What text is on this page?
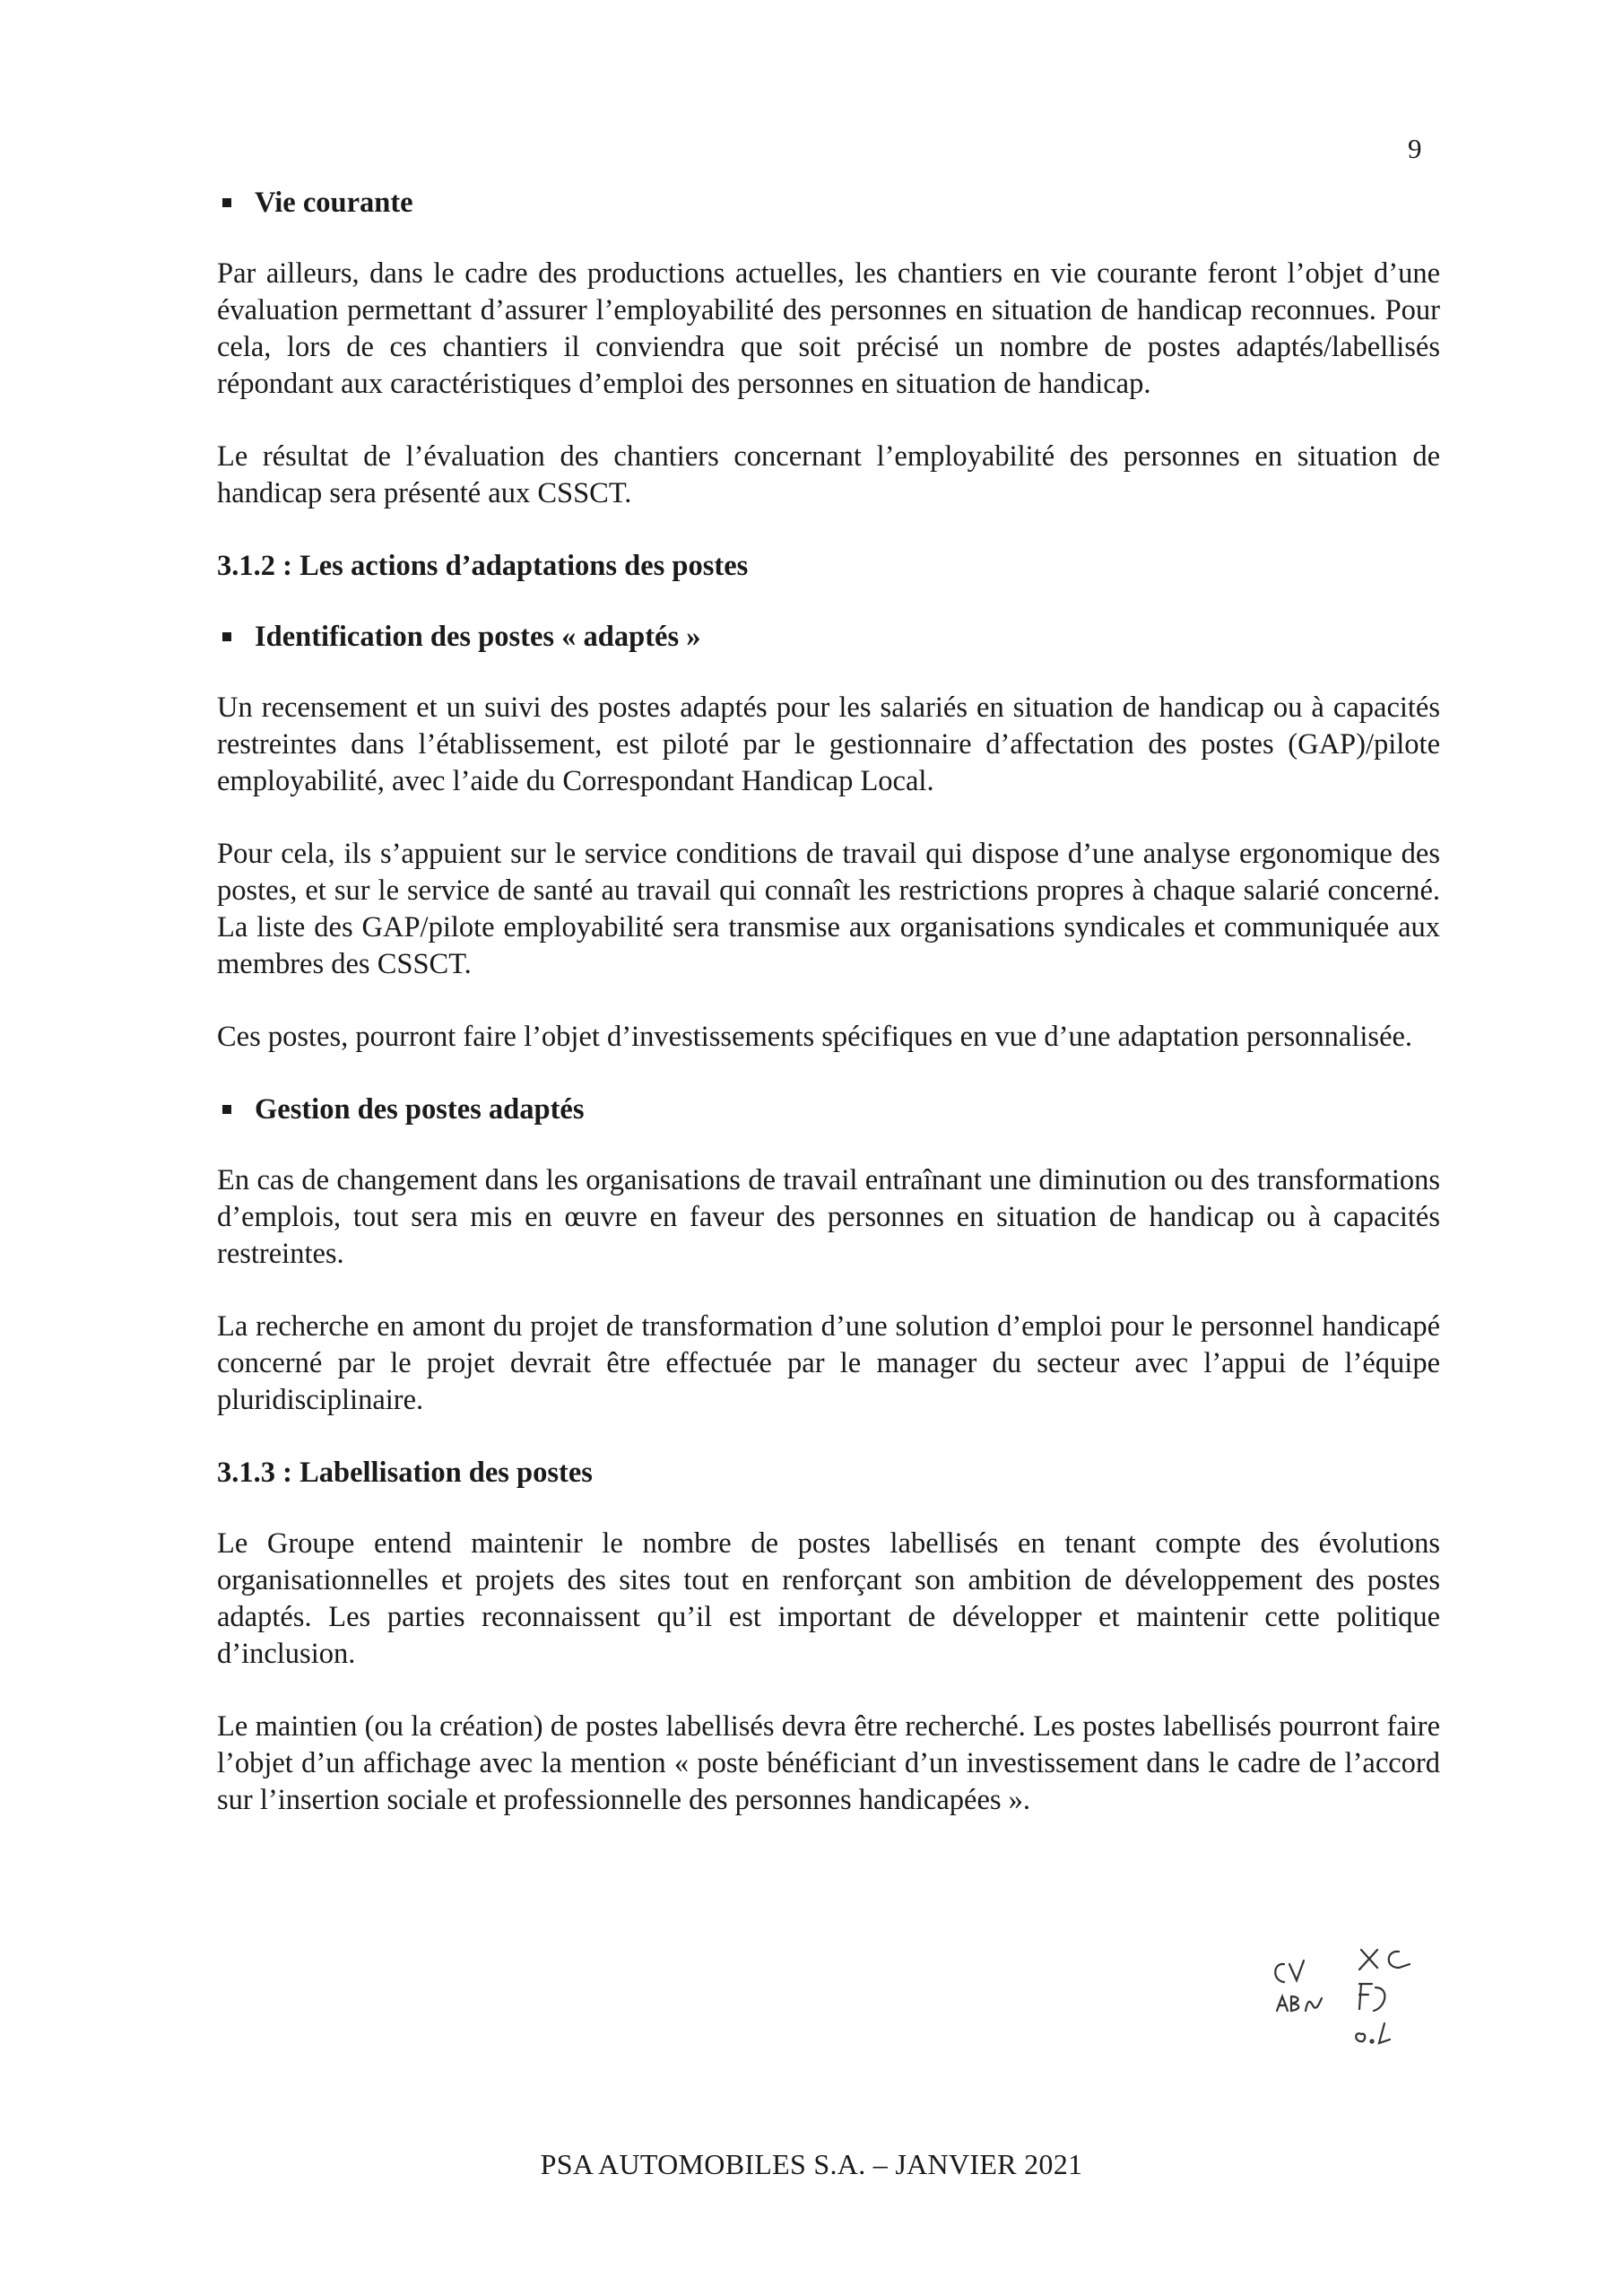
9
Vie courante

Par ailleurs, dans le cadre des productions actuelles, les chantiers en vie courante feront l’objet d’une évaluation permettant d’assurer l’employabilité des personnes en situation de handicap reconnues. Pour cela, lors de ces chantiers il conviendra que soit précisé un nombre de postes adaptés/labellisés répondant aux caractéristiques d’emploi des personnes en situation de handicap.

Le résultat de l’évaluation des chantiers concernant l’employabilité des personnes en situation de handicap sera présenté aux CSSCT.

3.1.2 : Les actions d’adaptations des postes
Identification des postes « adaptés »

Un recensement et un suivi des postes adaptés pour les salariés en situation de handicap ou à capacités restreintes dans l’établissement, est piloté par le gestionnaire d’affectation des postes (GAP)/pilote employabilité, avec l’aide du Correspondant Handicap Local.

Pour cela, ils s’appuient sur le service conditions de travail qui dispose d’une analyse ergonomique des postes, et sur le service de santé au travail qui connaît les restrictions propres à chaque salarié concerné. La liste des GAP/pilote employabilité sera transmise aux organisations syndicales et communiquée aux membres des CSSCT.

Ces postes, pourront faire l’objet d’investissements spécifiques en vue d’une adaptation personnalisée.

Gestion des postes adaptés

En cas de changement dans les organisations de travail entraînant une diminution ou des transformations d’emplois, tout sera mis en œuvre en faveur des personnes en situation de handicap ou à capacités restreintes.

La recherche en amont du projet de transformation d’une solution d’emploi pour le personnel handicapé concerné par le projet devrait être effectuée par le manager du secteur avec l’appui de l’équipe pluridisciplinaire.

3.1.3 : Labellisation des postes

Le Groupe entend maintenir le nombre de postes labellisés en tenant compte des évolutions organisationnelles et projets des sites tout en renforçant son ambition de développement des postes adaptés. Les parties reconnaissent qu’il est important de développer et maintenir cette politique d’inclusion.

Le maintien (ou la création) de postes labellisés devra être recherché. Les postes labellisés pourront faire l’objet d’un affichage avec la mention « poste bénéficiant d’un investissement dans le cadre de l’accord sur l’insertion sociale et professionnelle des personnes handicapées ».

PSA AUTOMOBILES S.A. – JANVIER 2021
